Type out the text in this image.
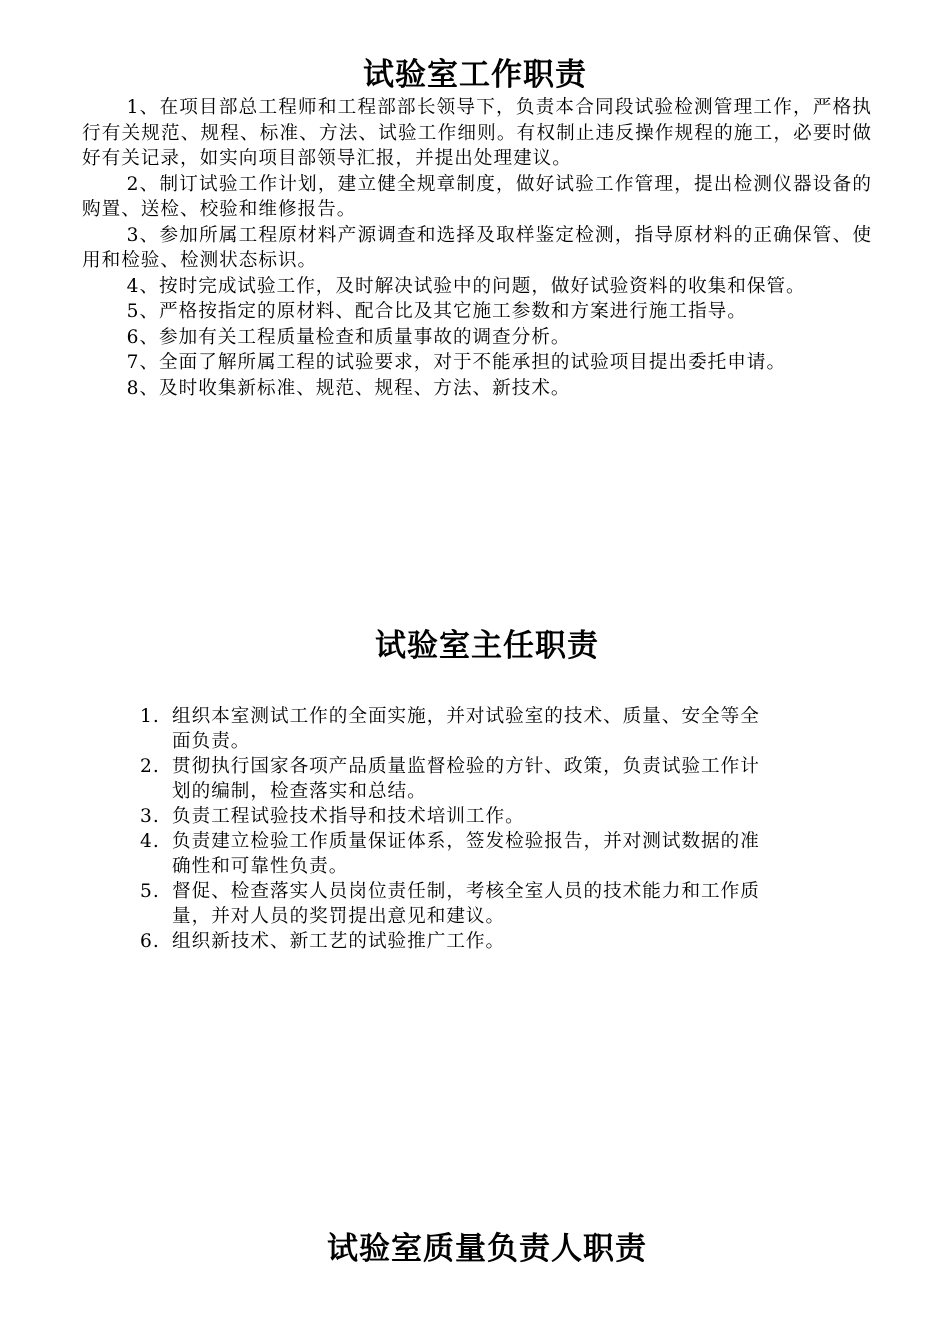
试验室工作职责

1、在项目部总工程师和工程部部长领导下，负责本合同段试验检测管理工作，严格执行有关规范、规程、标准、方法、试验工作细则。有权制止违反操作规程的施工，必要时做好有关记录，如实向项目部领导汇报，并提出处理建议。

2、制订试验工作计划，建立健全规章制度，做好试验工作管理，提出检测仪器设备的购置、送检、校验和维修报告。

3、参加所属工程原材料产源调查和选择及取样鉴定检测，指导原材料的正确保管、使用和检验、检测状态标识。

4、按时完成试验工作，及时解决试验中的问题，做好试验资料的收集和保管。

5、严格按指定的原材料、配合比及其它施工参数和方案进行施工指导。

6、参加有关工程质量检查和质量事故的调查分析。

7、全面了解所属工程的试验要求，对于不能承担的试验项目提出委托申请。

8、及时收集新标准、规范、规程、方法、新技术。

试验室主任职责
1. 组织本室测试工作的全面实施，并对试验室的技术、质量、安全等全面负责。
2. 贯彻执行国家各项产品质量监督检验的方针、政策，负责试验工作计划的编制，检查落实和总结。
3. 负责工程试验技术指导和技术培训工作。
4. 负责建立检验工作质量保证体系，签发检验报告，并对测试数据的准确性和可靠性负责。
5. 督促、检查落实人员岗位责任制，考核全室人员的技术能力和工作质量，并对人员的奖罚提出意见和建议。
6. 组织新技术、新工艺的试验推广工作。
试验室质量负责人职责
